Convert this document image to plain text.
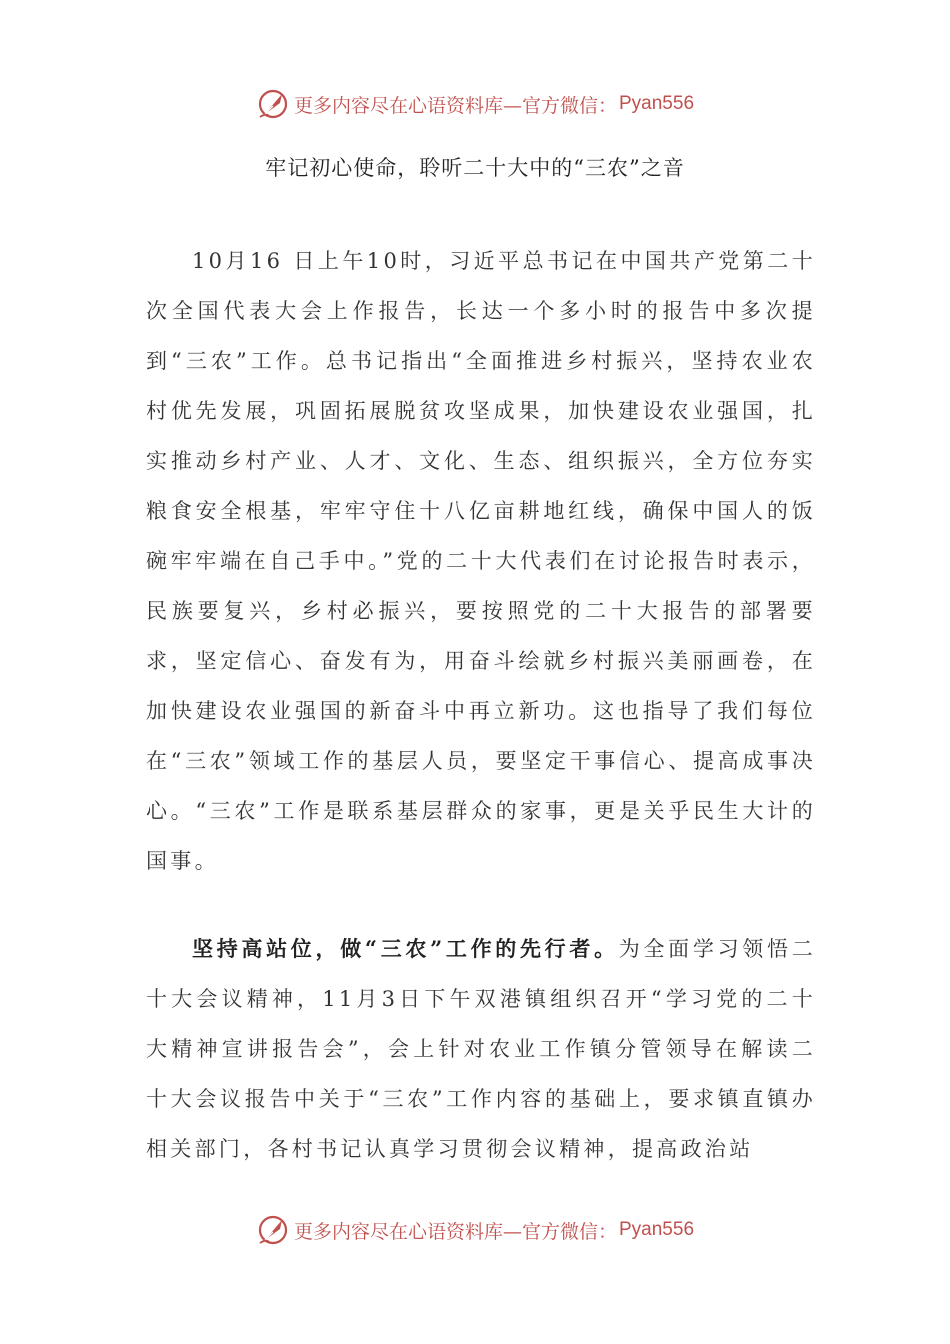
更多内容尽在心语资料库—官方微信： Pyan556
牢记初心使命，聆听二十大中的“三农”之音

10月16 日上午10时，习近平总书记在中国共产党第二十次全国代表大会上作报告，长达一个多小时的报告中多次提到“三农”工作。总书记指出“全面推进乡村振兴，坚持农业农村优先发展，巩固拓展脱贫攻坚成果，加快建设农业强国，扎实推动乡村产业、人才、文化、生态、组织振兴，全方位夯实粮食安全根基，牢牢守住十八亿亩耕地红线，确保中国人的饭碗牢牢端在自己手中。”党的二十大代表们在讨论报告时表示，民族要复兴，乡村必振兴，要按照党的二十大报告的部署要求，坚定信心、奋发有为，用奋斗绘就乡村振兴美丽画卷，在加快建设农业强国的新奋斗中再立新功。这也指导了我们每位在“三农”领域工作的基层人员，要坚定干事信心、提高成事决心。“三农”工作是联系基层群众的家事，更是关乎民生大计的国事。

坚持高站位，做“三农”工作的先行者。为全面学习领悟二十大会议精神，11月3日下午双港镇组织召开“学习党的二十大精神宣讲报告会”，会上针对农业工作镇分管领导在解读二十大会议报告中关于“三农”工作内容的基础上，要求镇直镇办相关部门，各村书记认真学习贯彻会议精神，提高政治站

更多内容尽在心语资料库—官方微信： Pyan556
